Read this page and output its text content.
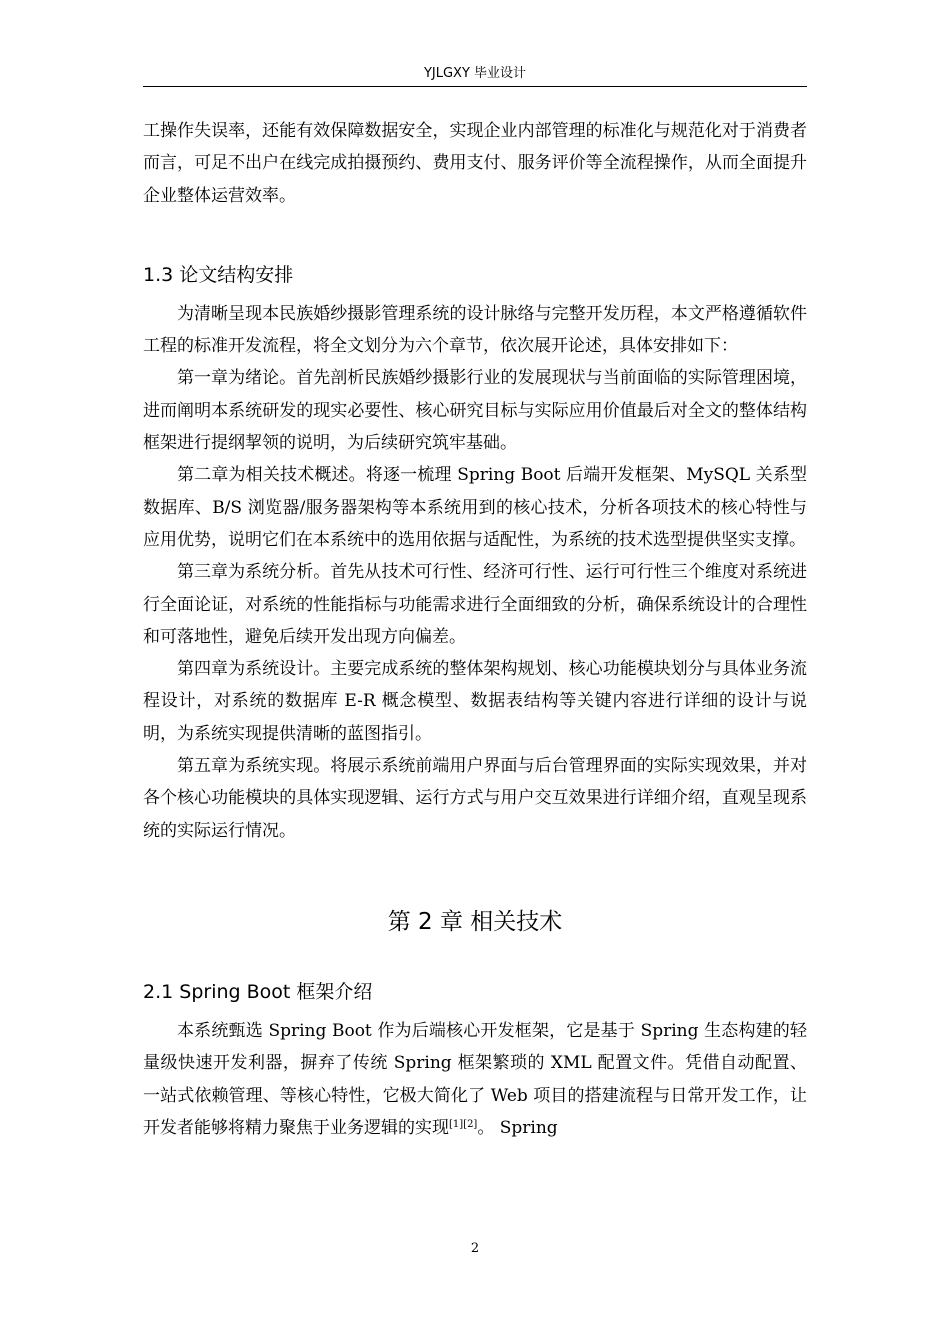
YJLGXY 毕业设计

工操作失误率，还能有效保障数据安全，实现企业内部管理的标准化与规范化对于消费者而言，可足不出户在线完成拍摄预约、费用支付、服务评价等全流程操作，从而全面提升企业整体运营效率。

1.3 论文结构安排

为清晰呈现本民族婚纱摄影管理系统的设计脉络与完整开发历程，本文严格遵循软件工程的标准开发流程，将全文划分为六个章节，依次展开论述，具体安排如下：

第一章为绪论。首先剖析民族婚纱摄影行业的发展现状与当前面临的实际管理困境，进而阐明本系统研发的现实必要性、核心研究目标与实际应用价值最后对全文的整体结构框架进行提纲挈领的说明，为后续研究筑牢基础。

第二章为相关技术概述。将逐一梳理 Spring Boot 后端开发框架、MySQL 关系型数据库、B/S 浏览器/服务器架构等本系统用到的核心技术，分析各项技术的核心特性与应用优势，说明它们在本系统中的选用依据与适配性，为系统的技术选型提供坚实支撑。

第三章为系统分析。首先从技术可行性、经济可行性、运行可行性三个维度对系统进行全面论证，对系统的性能指标与功能需求进行全面细致的分析，确保系统设计的合理性和可落地性，避免后续开发出现方向偏差。

第四章为系统设计。主要完成系统的整体架构规划、核心功能模块划分与具体业务流程设计，对系统的数据库 E-R 概念模型、数据表结构等关键内容进行详细的设计与说明，为系统实现提供清晰的蓝图指引。

第五章为系统实现。将展示系统前端用户界面与后台管理界面的实际实现效果，并对各个核心功能模块的具体实现逻辑、运行方式与用户交互效果进行详细介绍，直观呈现系统的实际运行情况。

第 2 章 相关技术
2.1 Spring Boot 框架介绍

本系统甄选 Spring Boot 作为后端核心开发框架，它是基于 Spring 生态构建的轻量级快速开发利器，摒弃了传统 Spring 框架繁琐的 XML 配置文件。凭借自动配置、一站式依赖管理、等核心特性，它极大简化了 Web 项目的搭建流程与日常开发工作，让开发者能够将精力聚焦于业务逻辑的实现[1][2]。 Spring

2
